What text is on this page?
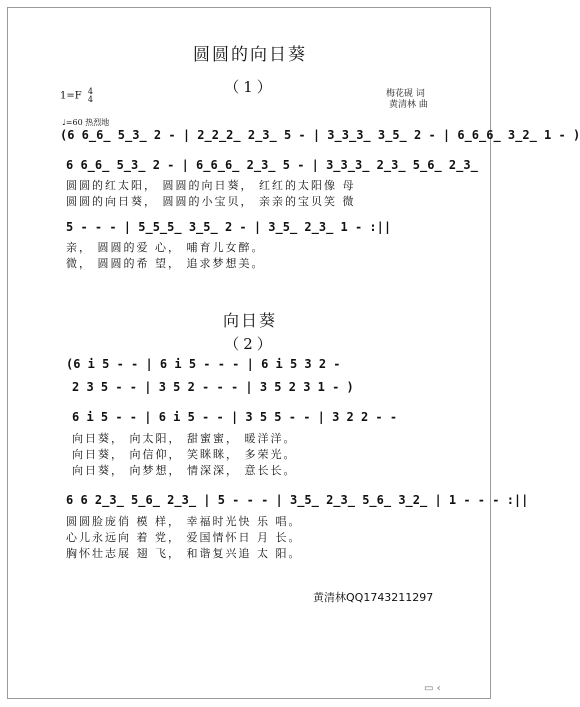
圆圆的向日葵
（1）
1=F 4
4
梅花砚 词
黄清林 曲
♩=60 热烈地
(6 6̲6̲ 5̲3̲ 2 - | 2̲2̲2̲ 2̲3̲ 5 - | 3̲3̲3̲ 3̲5̲ 2 - | 6̲6̲6̲ 3̲2̲ 1 - )
6 6̲6̲ 5̲3̲ 2 - | 6̲6̲6̲ 2̲3̲ 5 - | 3̲3̲3̲ 2̲3̲ 5̲6̲ 2̲3̲
圆圆的红太阳， 圆圆的向日葵， 红红的太阳像 母
圆圆的向日葵， 圆圆的小宝贝， 亲亲的宝贝笑 微
5 - - - | 5̲5̲5̲ 3̲5̲ 2 - | 3̲5̲ 2̲3̲ 1 - :||
亲， 圆圆的爱 心， 哺育儿女醉。
微， 圆圆的希 望， 追求梦想美。
向日葵
（2）
(6 i 5 - - | 6 i 5 - - - | 6 i 5 3 2 -
2 3 5 - - | 3 5 2 - - - | 3 5 2 3 1 - )
6 i 5 - - | 6 i 5 - - | 3 5 5 - - | 3 2 2 - -
向日葵， 向太阳， 甜蜜蜜， 暖洋洋。
向日葵， 向信仰， 笑眯眯， 多荣光。
向日葵， 向梦想， 情深深， 意长长。
6 6 2̲3̲ 5̲6̲ 2̲3̲ | 5 - - - | 3̲5̲ 2̲3̲ 5̲6̲ 3̲2̲ | 1 - - - :||
圆圆脸庞俏 模 样， 幸福时光快 乐 唱。
心儿永远向 着 党， 爱国情怀日 月 长。
胸怀壮志展 翅 飞， 和谐复兴追 太 阳。
黄清林QQ1743211297
▭ ‹
